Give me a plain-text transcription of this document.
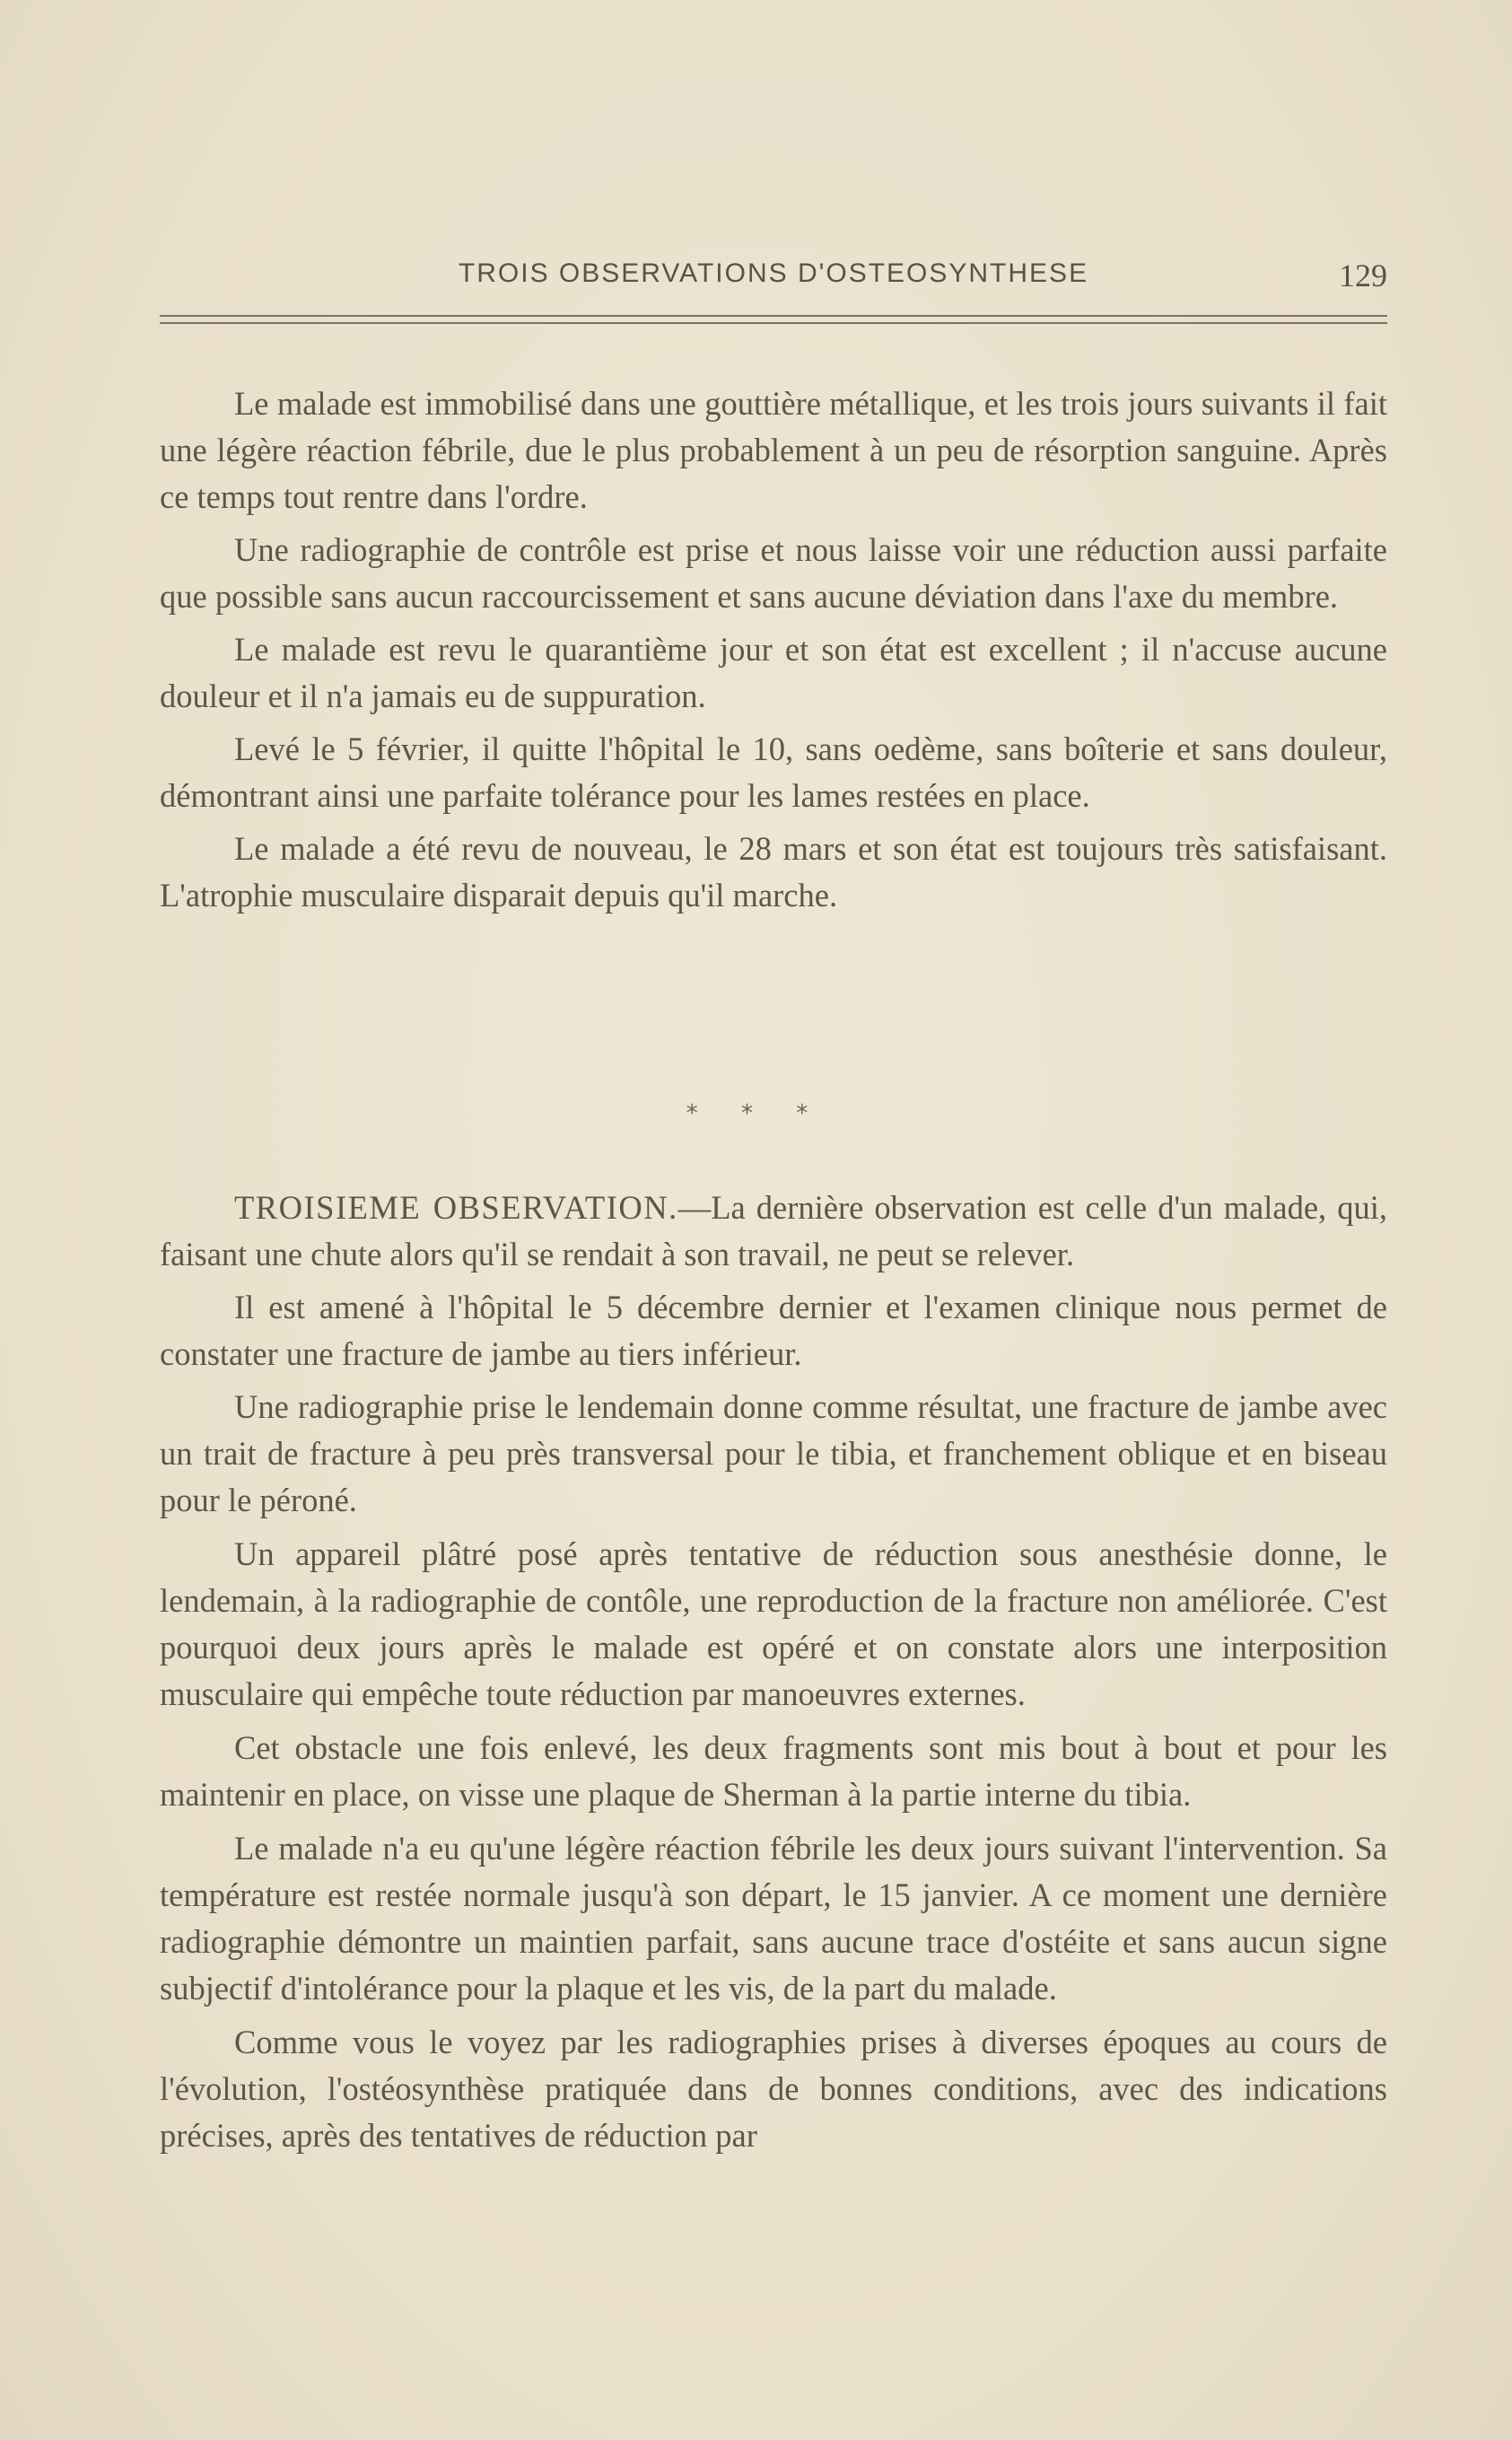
TROIS OBSERVATIONS D'OSTEOSYNTHESE	129

Le malade est immobilisé dans une gouttière métallique, et les trois jours suivants il fait une légère réaction fébrile, due le plus probablement à un peu de résorption sanguine. Après ce temps tout rentre dans l'ordre.

Une radiographie de contrôle est prise et nous laisse voir une réduction aussi parfaite que possible sans aucun raccourcissement et sans aucune déviation dans l'axe du membre.

Le malade est revu le quarantième jour et son état est excellent ; il n'accuse aucune douleur et il n'a jamais eu de suppuration.

Levé le 5 février, il quitte l'hôpital le 10, sans oedème, sans boîterie et sans douleur, démontrant ainsi une parfaite tolérance pour les lames restées en place.

Le malade a été revu de nouveau, le 28 mars et son état est toujours très satisfaisant. L'atrophie musculaire disparait depuis qu'il marche.

* * *

TROISIEME OBSERVATION.—La dernière observation est celle d'un malade, qui, faisant une chute alors qu'il se rendait à son travail, ne peut se relever.

Il est amené à l'hôpital le 5 décembre dernier et l'examen clinique nous permet de constater une fracture de jambe au tiers inférieur.

Une radiographie prise le lendemain donne comme résultat, une fracture de jambe avec un trait de fracture à peu près transversal pour le tibia, et franchement oblique et en biseau pour le péroné.

Un appareil plâtré posé après tentative de réduction sous anesthésie donne, le lendemain, à la radiographie de contôle, une reproduction de la fracture non améliorée. C'est pourquoi deux jours après le malade est opéré et on constate alors une interposition musculaire qui empêche toute réduction par manoeuvres externes.

Cet obstacle une fois enlevé, les deux fragments sont mis bout à bout et pour les maintenir en place, on visse une plaque de Sherman à la partie interne du tibia.

Le malade n'a eu qu'une légère réaction fébrile les deux jours suivant l'intervention. Sa température est restée normale jusqu'à son départ, le 15 janvier. A ce moment une dernière radiographie démontre un maintien parfait, sans aucune trace d'ostéite et sans aucun signe subjectif d'intolérance pour la plaque et les vis, de la part du malade.

Comme vous le voyez par les radiographies prises à diverses époques au cours de l'évolution, l'ostéosynthèse pratiquée dans de bonnes conditions, avec des indications précises, après des tentatives de réduction par
